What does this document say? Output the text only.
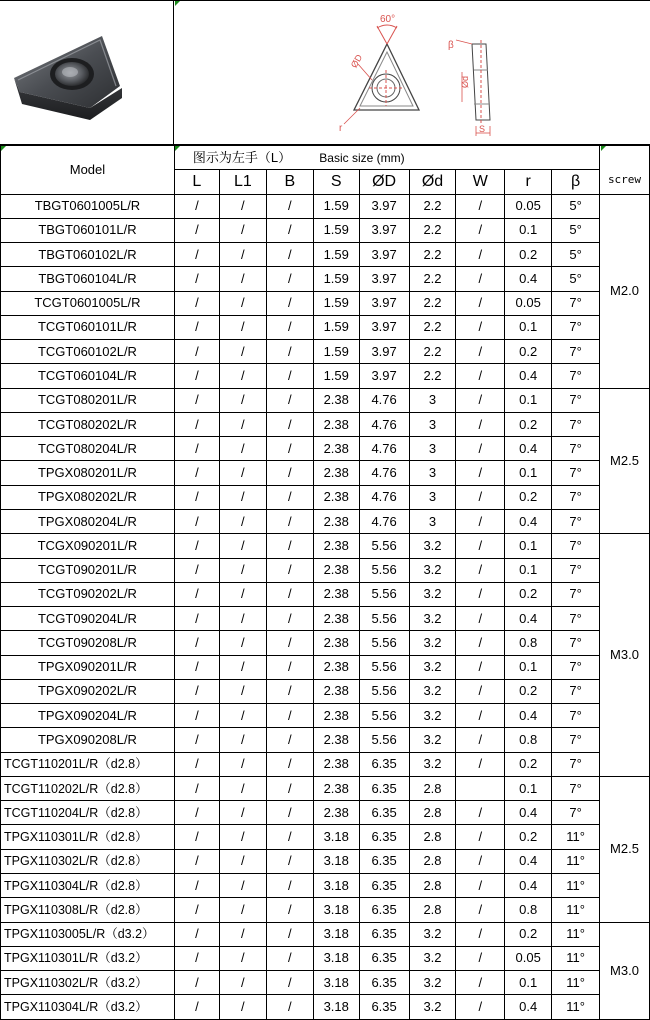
60°
ØD
r
β
Ød
S
Model	图示为左手（L）			Basic size (mm)						screw
	L	L1	B	S	ØD	Ød	W	r	β	
TBGT0601005L/R	/	/	/	1.59	3.97	2.2	/	0.05	5°	M2.0
TBGT060101L/R	/	/	/	1.59	3.97	2.2	/	0.1	5°	
TBGT060102L/R	/	/	/	1.59	3.97	2.2	/	0.2	5°	
TBGT060104L/R	/	/	/	1.59	3.97	2.2	/	0.4	5°	
TCGT0601005L/R	/	/	/	1.59	3.97	2.2	/	0.05	7°	
TCGT060101L/R	/	/	/	1.59	3.97	2.2	/	0.1	7°	
TCGT060102L/R	/	/	/	1.59	3.97	2.2	/	0.2	7°	
TCGT060104L/R	/	/	/	1.59	3.97	2.2	/	0.4	7°	
TCGT080201L/R	/	/	/	2.38	4.76	3	/	0.1	7°	M2.5
TCGT080202L/R	/	/	/	2.38	4.76	3	/	0.2	7°	
TCGT080204L/R	/	/	/	2.38	4.76	3	/	0.4	7°	
TPGX080201L/R	/	/	/	2.38	4.76	3	/	0.1	7°	
TPGX080202L/R	/	/	/	2.38	4.76	3	/	0.2	7°	
TPGX080204L/R	/	/	/	2.38	4.76	3	/	0.4	7°	
TCGX090201L/R	/	/	/	2.38	5.56	3.2	/	0.1	7°	M3.0
TCGT090201L/R	/	/	/	2.38	5.56	3.2	/	0.1	7°	
TCGT090202L/R	/	/	/	2.38	5.56	3.2	/	0.2	7°	
TCGT090204L/R	/	/	/	2.38	5.56	3.2	/	0.4	7°	
TCGT090208L/R	/	/	/	2.38	5.56	3.2	/	0.8	7°	
TPGX090201L/R	/	/	/	2.38	5.56	3.2	/	0.1	7°	
TPGX090202L/R	/	/	/	2.38	5.56	3.2	/	0.2	7°	
TPGX090204L/R	/	/	/	2.38	5.56	3.2	/	0.4	7°	
TPGX090208L/R	/	/	/	2.38	5.56	3.2	/	0.8	7°	
TCGT110201L/R（d2.8）	/	/	/	2.38	6.35	3.2	/	0.2	7°	
TCGT110202L/R（d2.8）	/	/	/	2.38	6.35	2.8		0.1	7°	M2.5
TCGT110204L/R（d2.8）	/	/	/	2.38	6.35	2.8	/	0.4	7°	
TPGX110301L/R（d2.8）	/	/	/	3.18	6.35	2.8	/	0.2	11°	
TPGX110302L/R（d2.8）	/	/	/	3.18	6.35	2.8	/	0.4	11°	
TPGX110304L/R（d2.8）	/	/	/	3.18	6.35	2.8	/	0.4	11°	
TPGX110308L/R（d2.8）	/	/	/	3.18	6.35	2.8	/	0.8	11°	
TPGX1103005L/R（d3.2）	/	/	/	3.18	6.35	3.2	/	0.2	11°	M3.0
TPGX110301L/R（d3.2）	/	/	/	3.18	6.35	3.2	/	0.05	11°	
TPGX110302L/R（d3.2）	/	/	/	3.18	6.35	3.2	/	0.1	11°	
TPGX110304L/R（d3.2）	/	/	/	3.18	6.35	3.2	/	0.4	11°	
